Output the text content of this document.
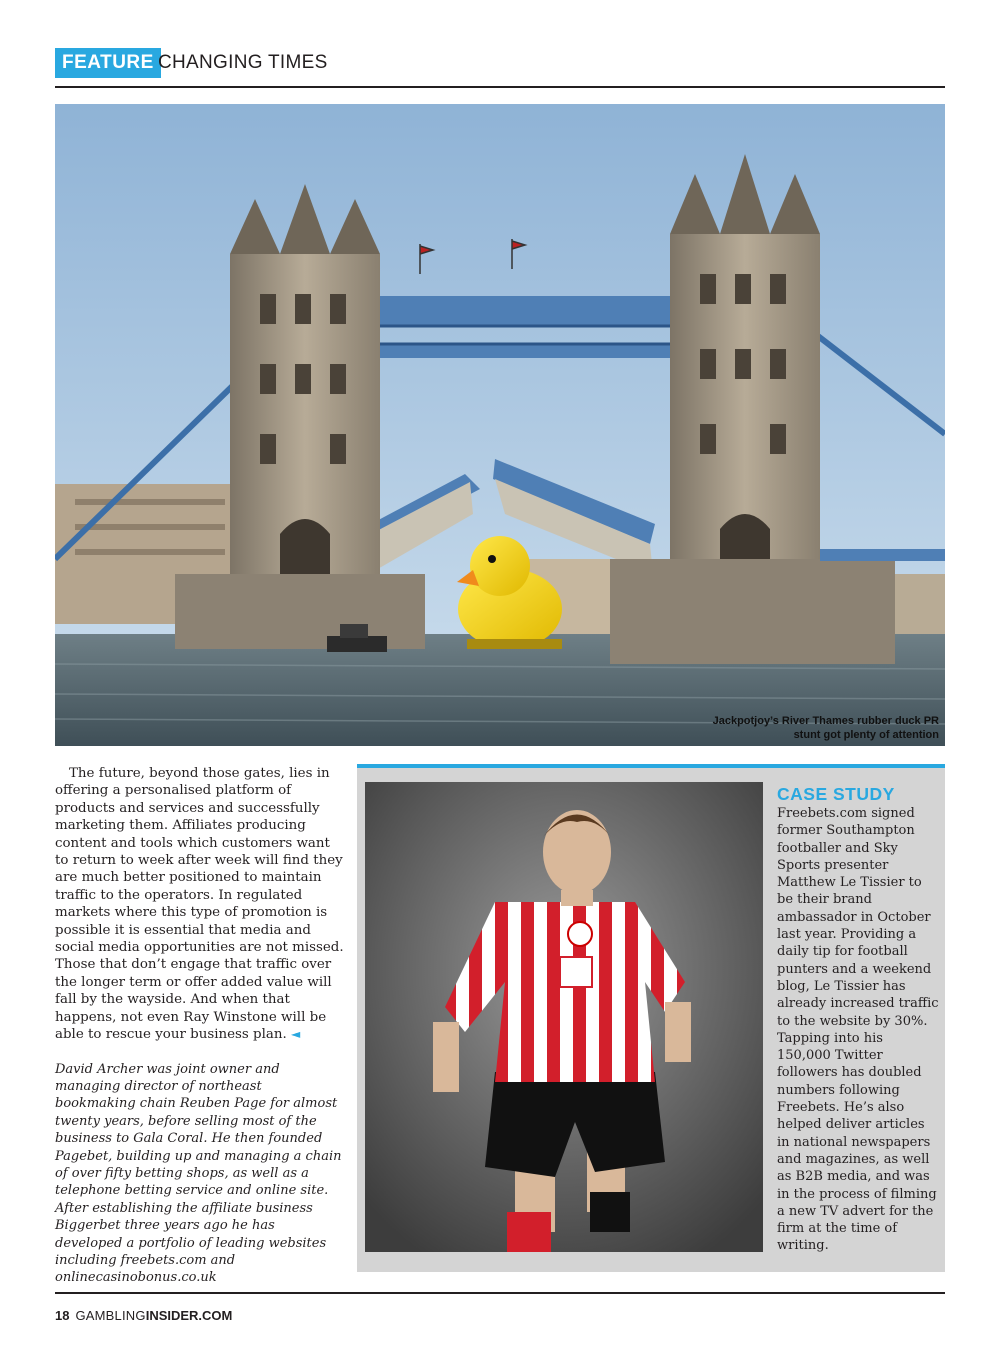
FEATURE CHANGING TIMES
Jackpotjoy’s River Thames rubber duck PR stunt got plenty of attention

The future, beyond those gates, lies in offering a personalised platform of products and services and successfully marketing them. Affiliates producing content and tools which customers want to return to week after week will find they are much better positioned to maintain traffic to the operators. In regulated markets where this type of promotion is possible it is essential that media and social media opportunities are not missed. Those that don’t engage that traffic over the longer term or offer added value will fall by the wayside. And when that happens, not even Ray Winstone will be able to rescue your business plan. ◄

David Archer was joint owner and managing director of northeast bookmaking chain Reuben Page for almost twenty years, before selling most of the business to Gala Coral. He then founded Pagebet, building up and managing a chain of over fifty betting shops, as well as a telephone betting service and online site. After establishing the affiliate business Biggerbet three years ago he has developed a portfolio of leading websites including freebets.com and onlinecasinobonus.co.uk

CASE STUDY

Freebets.com signed former Southampton footballer and Sky Sports presenter Matthew Le Tissier to be their brand ambassador in October last year. Providing a daily tip for football punters and a weekend blog, Le Tissier has already increased traffic to the website by 30%. Tapping into his 150,000 Twitter followers has doubled numbers following Freebets. He’s also helped deliver articles in national newspapers and magazines, as well as B2B media, and was in the process of filming a new TV advert for the firm at the time of writing.

18 GAMBLINGINSIDER.COM
